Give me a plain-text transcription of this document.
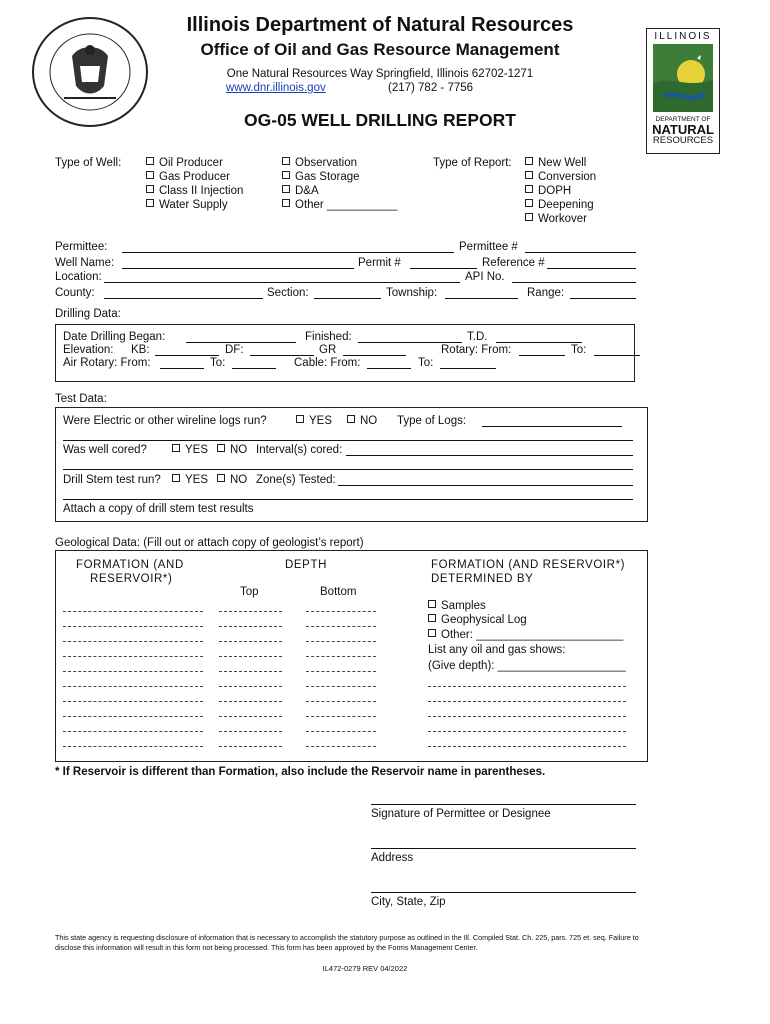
Illinois Department of Natural Resources
Office of Oil and Gas Resource Management
One Natural Resources Way Springfield, Illinois 62702-1271
www.dnr.illinois.gov	(217) 782 - 7756
OG-05 WELL DRILLING REPORT
ILLINOIS
DEPARTMENT OF
NATURAL
RESOURCES
Type of Well:	Oil Producer
Gas Producer
Class II Injection
Water Supply
Observation
Gas Storage
D&A
Other ___________
Type of Report:	New Well
Conversion
DOPH
Deepening
Workover
Permittee:	Permittee #
Well Name:	Permit #	Reference #
Location:	API No.
County:	Section:	Township:	Range:
Drilling Data:
Date Drilling Began:	Finished:	T.D.
Elevation: KB:	DF:	GR	Rotary: From:	To:
Air Rotary: From:	To:	Cable: From:	To:
Test Data:
Were Electric or other wireline logs run?	YES	NO Type of Logs:
Was well cored?	YES	NO Interval(s) cored:
Drill Stem test run?	YES	NO Zone(s) Tested:
Attach a copy of drill stem test results
Geological Data: (Fill out or attach copy of geologist’s report)
FORMATION (AND
RESERVOIR*)
DEPTH
Top	Bottom
FORMATION (AND RESERVOIR*)
DETERMINED BY
Samples
Geophysical Log
Other: _______________________
List any oil and gas shows:
(Give depth): ____________________
* If Reservoir is different than Formation, also include the Reservoir name in parentheses.
Signature of Permittee or Designee
Address
City, State, Zip
This state agency is requesting disclosure of information that is necessary to accomplish the statutory purpose as outlined in the Ill. Compiled Stat. Ch. 225, pars. 725 et. seq. Failure to disclose this information will result in this form not being processed. This form has been approved by the Forms Management Center.
IL472-0279 REV 04/2022
